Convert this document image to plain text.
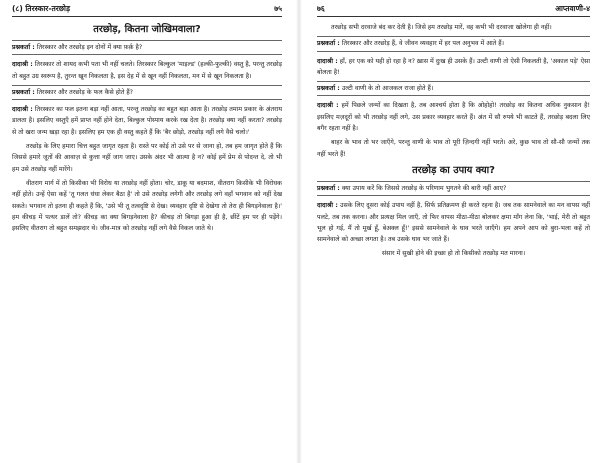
(८) तिरस्कार-तरछोड़	७५
तरछोड़, कितना जोखिमवाला?

प्रश्नकर्ता : तिरस्कार और तरछोड़ इन दोनों में क्या फ़र्क़ है?

दादाश्री : तिरस्कार तो शायद कभी पता भी नहीं चलते। तिरस्कार बिल्कुल 'माइल्ड' (हल्की-फुल्की) वस्तु है, परन्तु तरछोड़ तो बहुत उग्र स्वरूप है, तुरन्त खून निकलता है, इस देह में से खून नहीं निकलता, मन में से खून निकलता है।

प्रश्नकर्ता : तिरस्कार और तरछोड़ के फल कैसे होते हैं?

दादाश्री : तिरस्कार का फल इतना बड़ा नहीं आता, परन्तु तरछोड़ का बहुत बड़ा आता है। तरछोड़ तमाम प्रकार के अंतराय डालता है। इसलिए वस्तुएँ हमें प्राप्त नहीं होने देता, बिल्कुल पोस्पाय करके रख देता है। तरछोड़ क्या नहीं करता? तरछोड़ से तो खरा जन्म खड़ा रहा है। इसलिए हम एक ही वस्तु कहते हैं कि 'बैर छोड़ो, तरछोड़ नहीं लगे वैसे चलो।'

तरछोड़ के लिए हमारा चित्त बहुत जागृत रहता है। रास्ते पर कोई तो उसे पर से जाना हो, तब हम जागृत होते हैं कि जिससे हमारे जूतों की आवाज़ से कुत्ता नहीं जाग जाए। उसके अंदर भी आत्मा है न? कोई हमें प्रेम से पोदन्त दे, तो भी हम उसे तरछोड़ नहीं मारेंगे।

वीतराग मार्ग में तो किसीका भी विरोध या तरछोड़ नहीं होता। चोर, डाकू या बदमाश, वीतराग किसीके भी विरोधक नहीं होते। उन्हें ऐसा कहें 'तू गलत धंधा लेकर बैठा है' तो उसे तरछोड़ लगेगी और तरछोड़ लगे वहाँ भगवान को नहीं देख सकते। भगवान तो इतना ही कहते हैं कि, 'उसे भी तू तत्वदृष्टि से देख। व्यवहार दृष्टि से देखेगा तो तेरा ही बिगड़नेवाला है।' हम कीचड़ में पत्थर डालें तो? कीचड़ का क्या बिगड़नेवाला है? कीचड़ तो बिगड़ा हुआ ही है, छींटें हम पर ही पड़ेंगे। इसलिए वीतराग तो बहुत समझदार थे। जीव-मात्र को तरछोड़ नहीं लगे वैसे निकल जाते थे।

७६	आप्तवाणी-४

तरछोड़ सभी दरवाजे बंद कर देती है। जिसे हम तरछोड़ मारें, वह कभी भी दरवाजा खोलेगा ही नहीं।

प्रश्नकर्ता : तिरस्कार और तरछोड़ हैं, वे जीवन व्यवहार में हर पल अनुभव में आते हैं।

दादाश्री : हाँ, हर एक को यही हो रहा है न? ख़ास में दुःख ही उसके हैं। उल्टी वाणी तो ऐसी निकलती है, 'अकाल पड़े' ऐसा बोलता है!

प्रश्नकर्ता : उल्टी वाणी के तो आजकल राजा होते हैं।

दादाश्री : हमें पिछले जन्मों का दिखता है, तब आश्चर्य होता है कि ओहोहो! तरछोड़ का कितना अधिक नुकसान है! इसलिए मज़दूरों को भी तरछोड़ नहीं लगे, उस प्रकार व्यवहार करते हैं। अंत में सौ रुपये भी काटते हैं, तरछोड़ बदला लिए बगैर रहता नहीं है।

बाहर के भाव तो भर जाएँगे, परन्तु वाणी के भाव तो पूरी ज़िन्दगी नहीं भरते। अरे, कुछ भाव तो सौ-सौ जन्मों तक नहीं भरते हैं!

तरछोड़ का उपाय क्या?

प्रश्नकर्ता : क्या उपाय करें कि जिससे तरछोड़ के परिणाम भुगतने की बारी नहीं आए?

दादाश्री : उसके लिए दूसरा कोई उपाय नहीं है, सिर्फ प्रतिक्रमण ही करते रहना है। जब तक सामनेवाले का मन वापस नहीं पलटे, तब तक करना। और प्रत्यक्ष मिल जाएँ, तो फिर वापस मीठा-मीठा बोलकर क्षमा माँग लेना कि, 'भाई, मेरी तो बहुत भूल हो गई, मैं तो मूर्ख हूँ, बेअक्ल हूँ!' इससे सामनेवाले के घाव भरते जाएँगे। हम अपने आप को बुरा-भला कहें तो सामनेवाले को अच्छा लगता है। तब उसके घाव भर जाते हैं।

संसार में सुखी होने की इच्छा हो तो किसीको तरछोड़ मत मारना।
